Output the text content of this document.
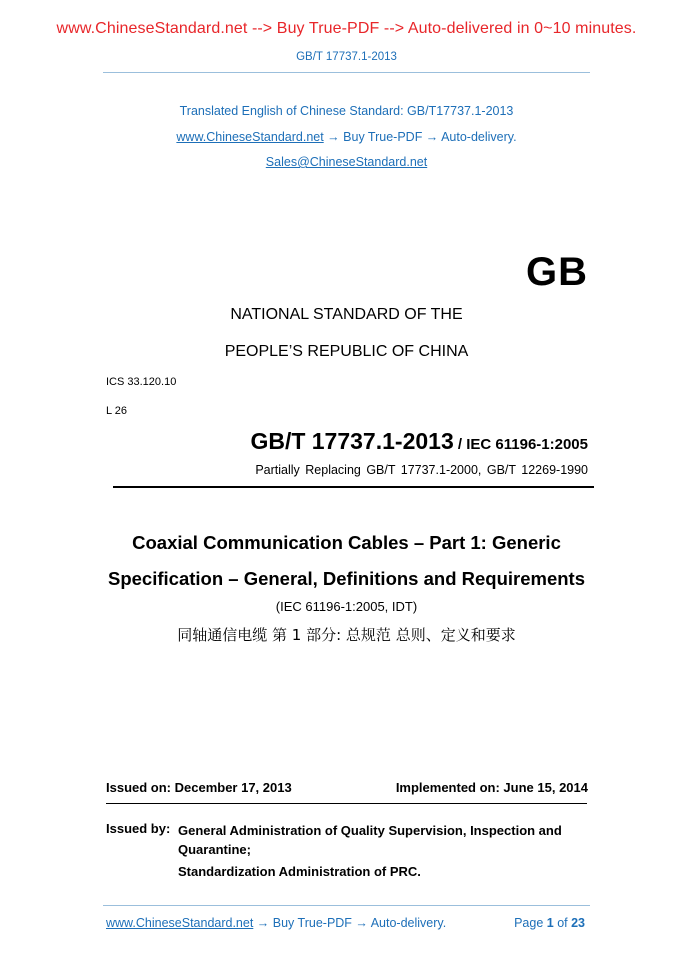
www.ChineseStandard.net --> Buy True-PDF --> Auto-delivered in 0~10 minutes.
GB/T 17737.1-2013
Translated English of Chinese Standard: GB/T17737.1-2013
www.ChineseStandard.net → Buy True-PDF → Auto-delivery.
Sales@ChineseStandard.net
GB
NATIONAL STANDARD OF THE
PEOPLE’S REPUBLIC OF CHINA
ICS 33.120.10
L 26
GB/T 17737.1-2013 / IEC 61196-1:2005
Partially Replacing GB/T 17737.1-2000, GB/T 12269-1990
Coaxial Communication Cables – Part 1: Generic
Specification – General, Definitions and Requirements
(IEC 61196-1:2005, IDT)
同轴通信电缆 第 1 部分: 总规范 总则、定义和要求
Issued on: December 17, 2013	Implemented on: June 15, 2014
Issued by: General Administration of Quality Supervision, Inspection and Quarantine;
Standardization Administration of PRC.
www.ChineseStandard.net → Buy True-PDF → Auto-delivery.	Page 1 of 23
